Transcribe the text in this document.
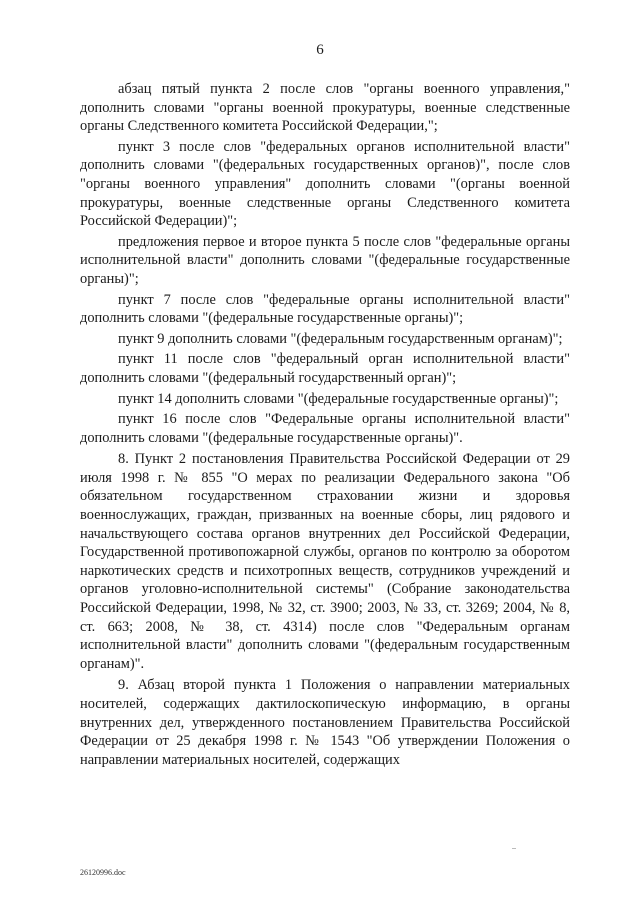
6

абзац пятый пункта 2 после слов "органы военного управления," дополнить словами "органы военной прокуратуры, военные следственные органы Следственного комитета Российской Федерации,";

пункт 3 после слов "федеральных органов исполнительной власти" дополнить словами "(федеральных государственных органов)", после слов "органы военного управления" дополнить словами "(органы военной прокуратуры, военные следственные органы Следственного комитета Российской Федерации)";

предложения первое и второе пункта 5 после слов "федеральные органы исполнительной власти" дополнить словами "(федеральные государственные органы)";

пункт 7 после слов "федеральные органы исполнительной власти" дополнить словами "(федеральные государственные органы)";

пункт 9 дополнить словами "(федеральным государственным органам)";

пункт 11 после слов "федеральный орган исполнительной власти" дополнить словами "(федеральный государственный орган)";

пункт 14 дополнить словами "(федеральные государственные органы)";

пункт 16 после слов "Федеральные органы исполнительной власти" дополнить словами "(федеральные государственные органы)".

8. Пункт 2 постановления Правительства Российской Федерации от 29 июля 1998 г. № 855 "О мерах по реализации Федерального закона "Об обязательном государственном страховании жизни и здоровья военнослужащих, граждан, призванных на военные сборы, лиц рядового и начальствующего состава органов внутренних дел Российской Федерации, Государственной противопожарной службы, органов по контролю за оборотом наркотических средств и психотропных веществ, сотрудников учреждений и органов уголовно-исполнительной системы" (Собрание законодательства Российской Федерации, 1998, № 32, ст. 3900; 2003, № 33, ст. 3269; 2004, № 8, ст. 663; 2008, № 38, ст. 4314) после слов "Федеральным органам исполнительной власти" дополнить словами "(федеральным государственным органам)".

9. Абзац второй пункта 1 Положения о направлении материальных носителей, содержащих дактилоскопическую информацию, в органы внутренних дел, утвержденного постановлением Правительства Российской Федерации от 25 декабря 1998 г. № 1543 "Об утверждении Положения о направлении материальных носителей, содержащих

26120996.doc
